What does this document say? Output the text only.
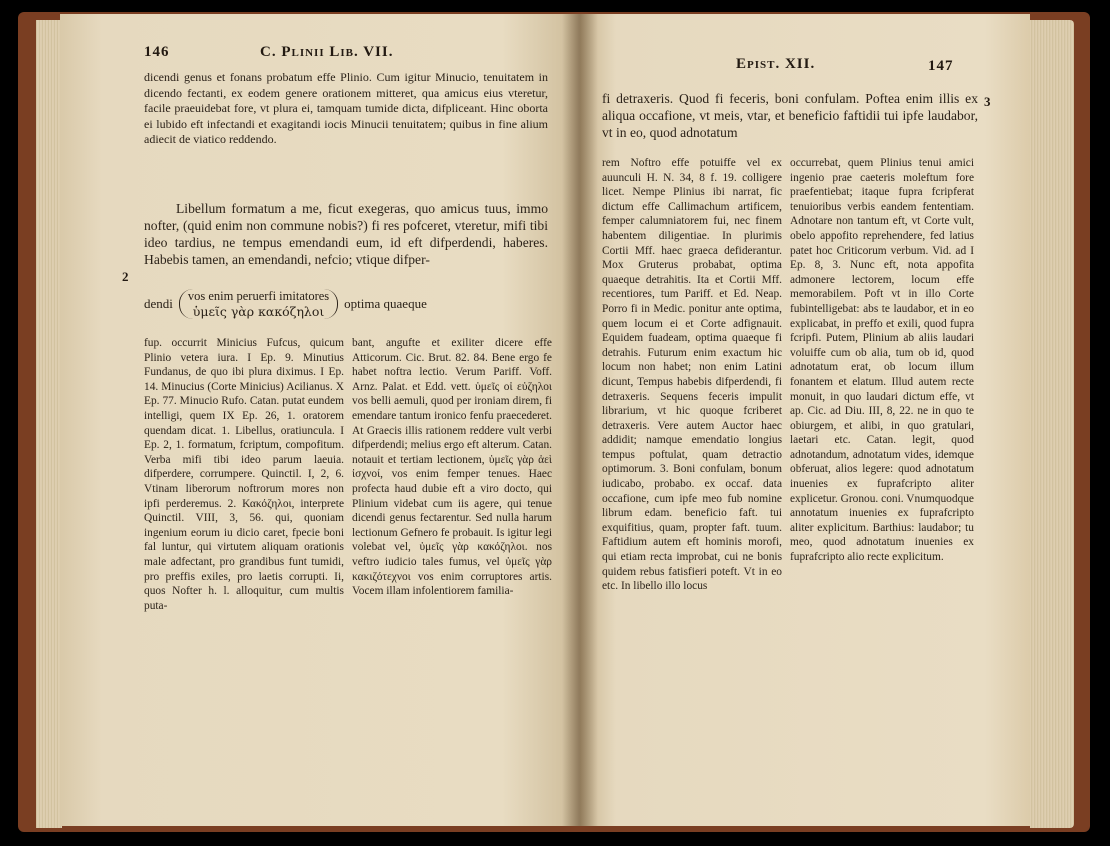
146	C. Plinii Lib. VII.

dicendi genus et fonans probatum effe Plinio. Cum igitur Minucio, tenuitatem in dicendo fectanti, ex eodem genere orationem mitteret, qua amicus eius vteretur, facile praeuidebat fore, vt plura ei, tamquam tumide dicta, difpliceant. Hinc oborta ei lubido eft infectandi et exagitandi iocis Minucii tenuitatem; quibus in fine alium adiecit de viatico reddendo.

Libellum formatum a me, ficut exegeras, quo amicus tuus, immo nofter, (quid enim non commune nobis?) fi res pofceret, vteretur, mifi tibi ideo tardius, ne tempus emendandi eum, id eft difperdendi, haberes. Habebis tamen, an emendandi, nefcio; vtique difper-

2
dendi vos enim peruerfi imitatores
ὑμεῖς γὰρ κακόζηλοι
optima quaeque

fup. occurrit Minicius Fufcus, quicum Plinio vetera iura. I Ep. 9. Minutius Fundanus, de quo ibi plura diximus. I Ep. 14. Minucius (Corte Minicius) Acilianus. X Ep. 77. Minucio Rufo. Catan. putat eundem intelligi, quem IX Ep. 26, 1. oratorem quendam dicat. 1. Libellus, oratiuncula. I Ep. 2, 1. formatum, fcriptum, compofitum. Verba mifi tibi ideo parum laeuia. difperdere, corrumpere. Quinctil. I, 2, 6. Vtinam liberorum noftrorum mores non ipfi perderemus. 2. Κακόζηλοι, interprete Quinctil. VIII, 3, 56. qui, quoniam ingenium eorum iu dicio caret, fpecie boni fal luntur, qui virtutem aliquam orationis male adfectant, pro grandibus funt tumidi, pro preffis exiles, pro laetis corrupti. Ii, quos Nofter h. l. alloquitur, cum multis puta-

bant, angufte et exiliter dicere effe Atticorum. Cic. Brut. 82. 84. Bene ergo fe habet noftra lectio. Verum Pariff. Voff. Arnz. Palat. et Edd. vett. ὑμεῖς οἱ εὐζηλοι vos belli aemuli, quod per ironiam direm, fi emendare tantum ironico fenfu praecederet. At Graecis illis rationem reddere vult verbi difperdendi; melius ergo eft alterum. Catan. notauit et tertiam lectionem, ὑμεῖς γὰρ ἀεὶ ἰσχνοί, vos enim femper tenues. Haec profecta haud dubie eft a viro docto, qui Plinium videbat cum iis agere, qui tenue dicendi genus fectarentur. Sed nulla harum lectionum Gefnero fe probauit. Is igitur legi volebat vel, ὑμεῖς γὰρ κακόζηλοι. nos veftro iudicio tales fumus, vel ὑμεῖς γὰρ κακιζότεχνοι vos enim corruptores artis. Vocem illam infolentiorem familia-

Epist. XII.	147

fi detraxeris. Quod fi feceris, boni confulam. Poftea enim illis ex aliqua occafione, vt meis, vtar, et beneficio faftidii tui ipfe laudabor, vt in eo, quod adnotatum

3

rem Noftro effe potuiffe vel ex auunculi H. N. 34, 8 f. 19. colligere licet. Nempe Plinius ibi narrat, fic dictum effe Callimachum artificem, femper calumniatorem fui, nec finem habentem diligentiae. In plurimis Cortii Mff. haec graeca defiderantur. Mox Gruterus probabat, optima quaeque detrahitis. Ita et Cortii Mff. recentiores, tum Pariff. et Ed. Neap. Porro fi in Medic. ponitur ante optima, quem locum ei et Corte adfignauit. Equidem fuadeam, optima quaeque fi detrahis. Futurum enim exactum hic locum non habet; non enim Latini dicunt, Tempus habebis difperdendi, fi detraxeris. Sequens feceris impulit librarium, vt hic quoque fcriberet detraxeris. Vere autem Auctor haec addidit; namque emendatio longius tempus poftulat, quam detractio optimorum. 3. Boni confulam, bonum iudicabo, probabo. ex occaf. data occafione, cum ipfe meo fub nomine librum edam. beneficio faft. tui exquifitius, quam, propter faft. tuum. Faftidium autem eft hominis morofi, qui etiam recta improbat, cui ne bonis quidem rebus fatisfieri poteft. Vt in eo etc. In libello illo locus

occurrebat, quem Plinius tenui amici ingenio prae caeteris moleftum fore praefentiebat; itaque fupra fcripferat tenuioribus verbis eandem fententiam. Adnotare non tantum eft, vt Corte vult, obelo appofito reprehendere, fed latius patet hoc Criticorum verbum. Vid. ad I Ep. 8, 3. Nunc eft, nota appofita admonere lectorem, locum effe memorabilem. Poft vt in illo Corte fubintelligebat: abs te laudabor, et in eo explicabat, in preffo et exili, quod fupra fcripfi. Putem, Plinium ab aliis laudari voluiffe cum ob alia, tum ob id, quod adnotatum erat, ob locum illum fonantem et elatum. Illud autem recte monuit, in quo laudari dictum effe, vt ap. Cic. ad Diu. III, 8, 22. ne in quo te obiurgem, et alibi, in quo gratulari, laetari etc. Catan. legit, quod adnotandum, adnotatum vides, idemque obferuat, alios legere: quod adnotatum inuenies ex fuprafcripto aliter explicetur. Gronou. coni. Vnumquodque annotatum inuenies ex fuprafcripto aliter explicitum. Barthius: laudabor; tu meo, quod adnotatum inuenies ex fuprafcripto alio recte explicitum.
